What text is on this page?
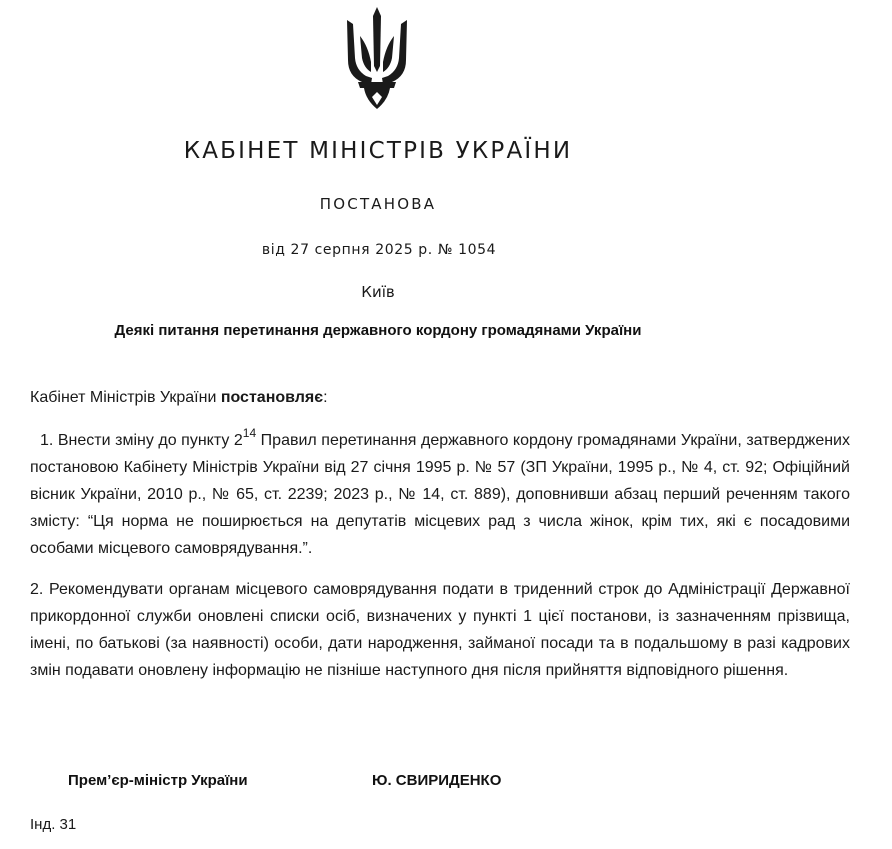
КАБІНЕТ МІНІСТРІВ УКРАЇНИ
ПОСТАНОВА
від 27 серпня 2025 р. № 1054
Київ
Деякі питання перетинання державного кордону громадянами України
Кабінет Міністрів України постановляє:
1. Внести зміну до пункту $2^{14}$ Правил перетинання державного кордону громадянами України, затверджених постановою Кабінету Міністрів України від 27 січня 1995 р. № 57 (ЗП України, 1995 р., № 4, ст. 92; Офіційний вісник України, 2010 р., № 65, ст. 2239; 2023 р., № 14, ст. 889), доповнивши абзац перший реченням такого змісту: “Ця норма не поширюється на депутатів місцевих рад з числа жінок, крім тих, які є посадовими особами місцевого самоврядування.”.
2. Рекомендувати органам місцевого самоврядування подати в триденний строк до Адміністрації Державної прикордонної служби оновлені списки осіб, визначених у пункті 1 цієї постанови, із зазначенням прізвища, імені, по батькові (за наявності) особи, дати народження, займаної посади та в подальшому в разі кадрових змін подавати оновлену інформацію не пізніше наступного дня після прийняття відповідного рішення.
Прем’єр-міністр України	Ю. СВИРИДЕНКО
Інд. 31
